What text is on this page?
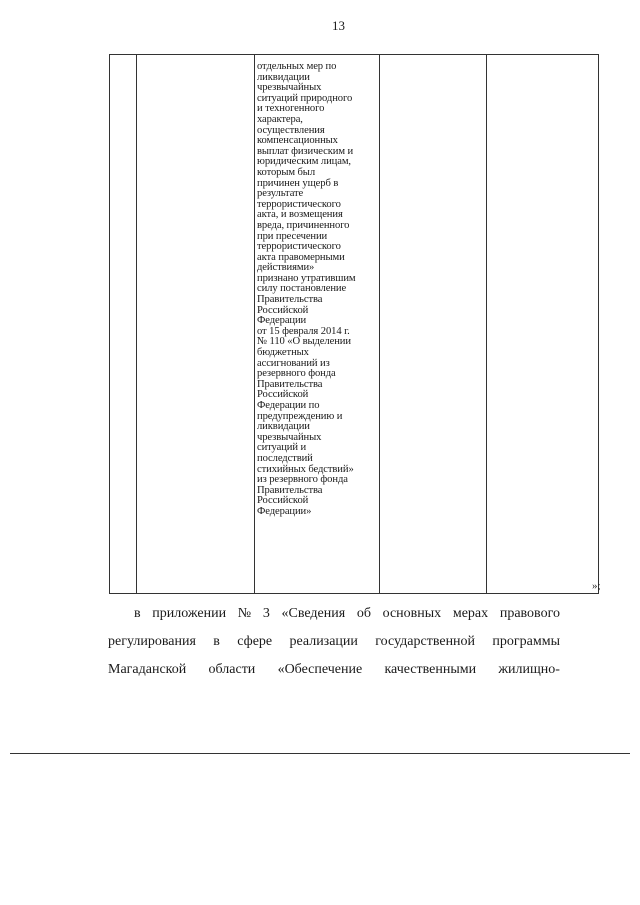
13
отдельных мер по
ликвидации
чрезвычайных
ситуаций природного
и техногенного
характера,
осуществления
компенсационных
выплат физическим и
юридическим лицам,
которым был
причинен ущерб в
результате
террористического
акта, и возмещения
вреда, причиненного
при пресечении
террористического
акта правомерными
действиями»
признано утратившим
силу постановление
Правительства
Российской
Федерации
от 15 февраля 2014 г.
№ 110 «О выделении
бюджетных
ассигнований из
резервного фонда
Правительства
Российской
Федерации по
предупреждению и
ликвидации
чрезвычайных
ситуаций и
последствий
стихийных бедствий»
из резервного фонда
Правительства
Российской
Федерации»
»;
в приложении № 3 «Сведения об основных мерах правового
регулирования в сфере реализации государственной программы
Магаданской области «Обеспечение качественными жилищно-
